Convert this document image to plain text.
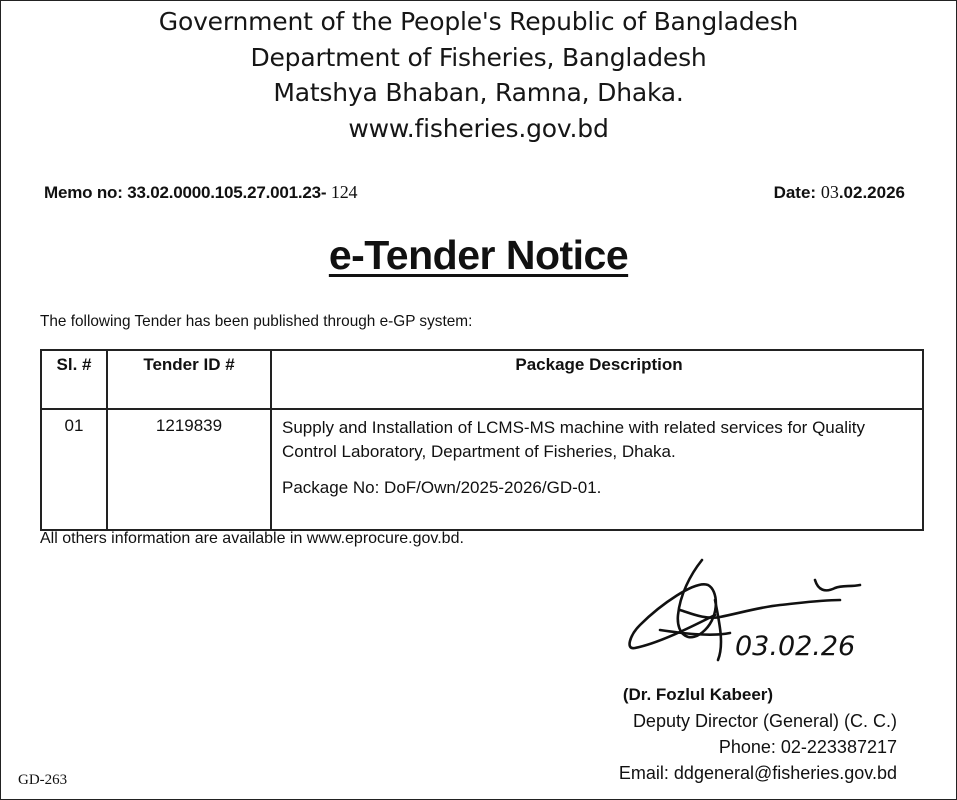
Government of the People's Republic of Bangladesh
Department of Fisheries, Bangladesh
Matshya Bhaban, Ramna, Dhaka.
www.fisheries.gov.bd
Memo no: 33.02.0000.105.27.001.23- 124	Date: 03.02.2026
e-Tender Notice
The following Tender has been published through e-GP system:
Sl. #	Tender ID #	Package Description
01	1219839	Supply and Installation of LCMS-MS machine with related services for Quality Control Laboratory, Department of Fisheries, Dhaka.

Package No: DoF/Own/2025-2026/GD-01.

All others information are available in www.eprocure.gov.bd.
03.02.26
(Dr. Fozlul Kabeer)
Deputy Director (General) (C. C.)
Phone: 02-223387217
Email: ddgeneral@fisheries.gov.bd
GD-263
